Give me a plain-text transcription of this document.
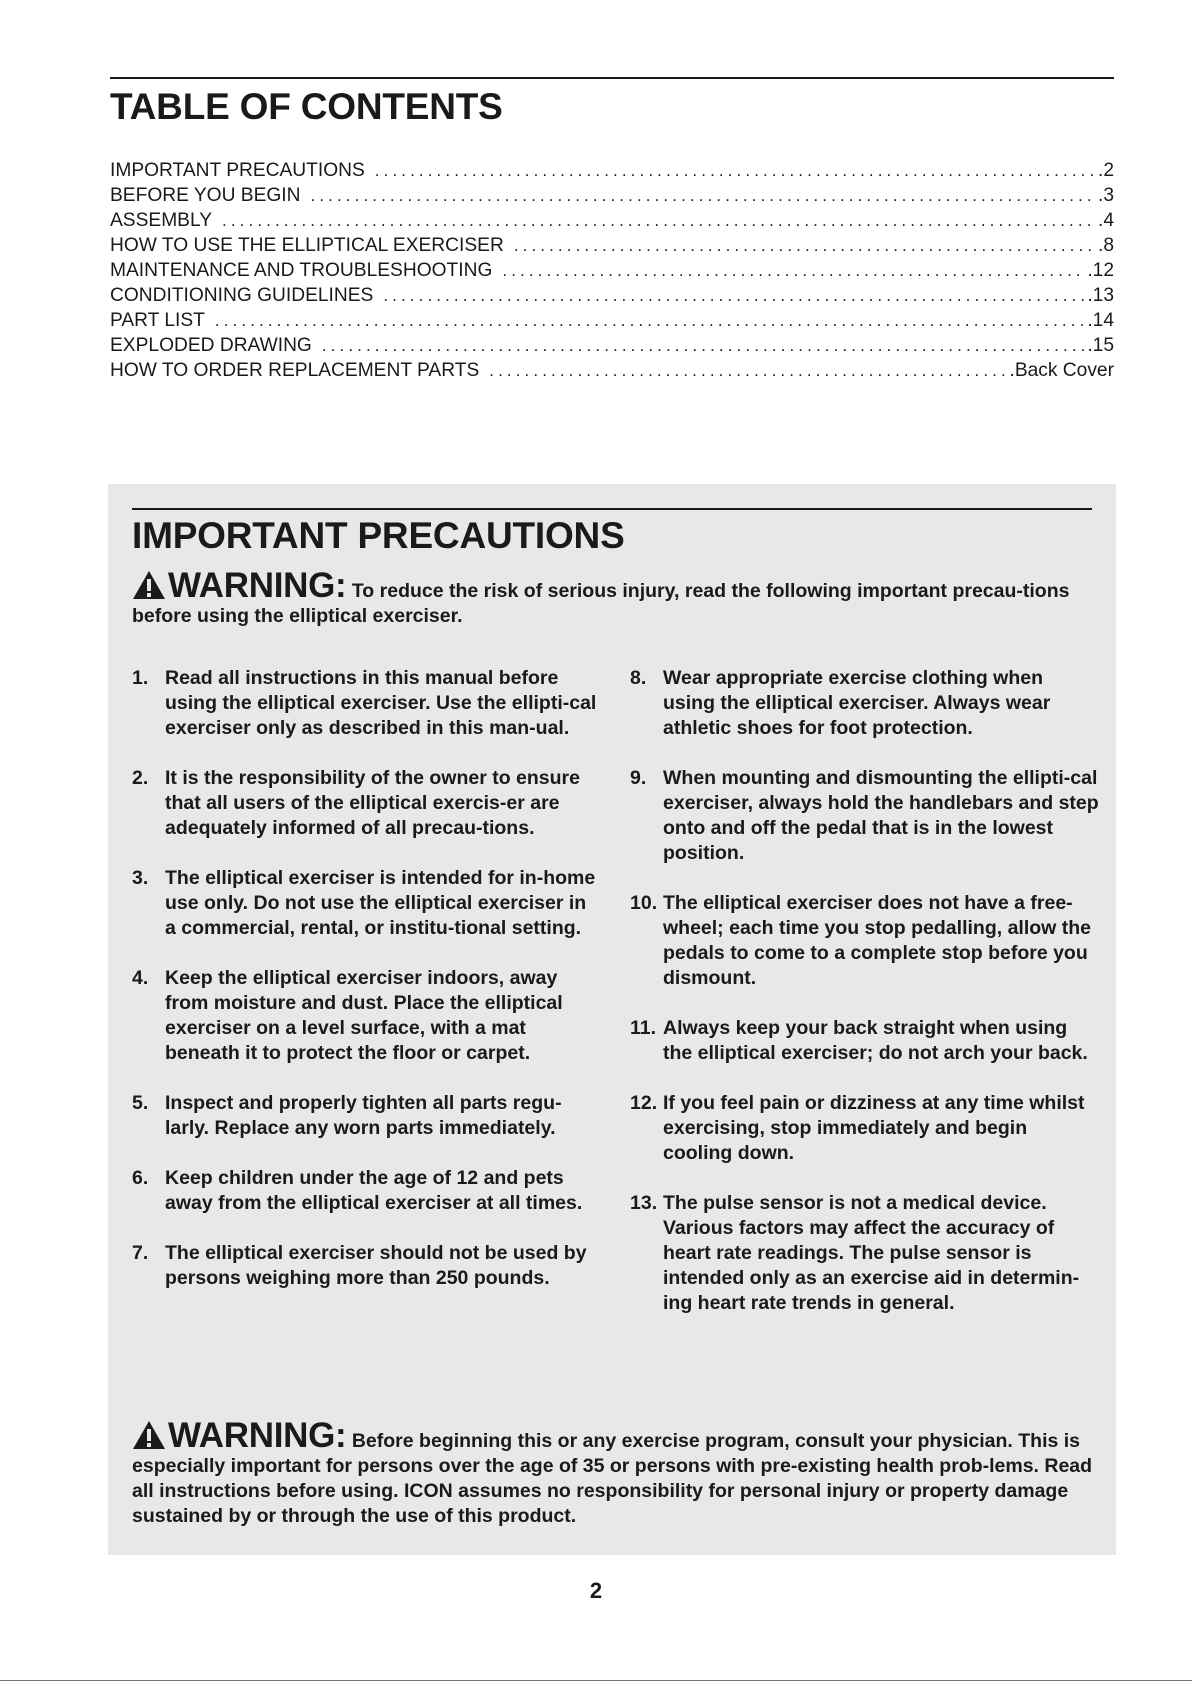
TABLE OF CONTENTS
IMPORTANT PRECAUTIONS .....	.2
BEFORE YOU BEGIN .....	.3
ASSEMBLY .....	.4
HOW TO USE THE ELLIPTICAL EXERCISER .....	.8
MAINTENANCE AND TROUBLESHOOTING .....	.12
CONDITIONING GUIDELINES .....	.13
PART LIST .....	.14
EXPLODED DRAWING .....	.15
HOW TO ORDER REPLACEMENT PARTS .....	.Back Cover
IMPORTANT PRECAUTIONS
WARNING: To reduce the risk of serious injury, read the following important precau-tions before using the elliptical exerciser.
1. Read all instructions in this manual before using the elliptical exerciser. Use the ellipti-cal exerciser only as described in this man-ual.
2. It is the responsibility of the owner to ensure that all users of the elliptical exercis-er are adequately informed of all precau-tions.
3. The elliptical exerciser is intended for in-home use only. Do not use the elliptical exerciser in a commercial, rental, or institu-tional setting.
4. Keep the elliptical exerciser indoors, away from moisture and dust. Place the elliptical exerciser on a level surface, with a mat beneath it to protect the floor or carpet.
5. Inspect and properly tighten all parts regu-larly. Replace any worn parts immediately.
6. Keep children under the age of 12 and pets away from the elliptical exerciser at all times.
7. The elliptical exerciser should not be used by persons weighing more than 250 pounds.
8. Wear appropriate exercise clothing when using the elliptical exerciser. Always wear athletic shoes for foot protection.
9. When mounting and dismounting the ellipti-cal exerciser, always hold the handlebars and step onto and off the pedal that is in the lowest position.
10. The elliptical exerciser does not have a free-wheel; each time you stop pedalling, allow the pedals to come to a complete stop before you dismount.
11. Always keep your back straight when using the elliptical exerciser; do not arch your back.
12. If you feel pain or dizziness at any time whilst exercising, stop immediately and begin cooling down.
13. The pulse sensor is not a medical device. Various factors may affect the accuracy of heart rate readings. The pulse sensor is intended only as an exercise aid in determin-ing heart rate trends in general.
WARNING: Before beginning this or any exercise program, consult your physician. This is especially important for persons over the age of 35 or persons with pre-existing health prob-lems. Read all instructions before using. ICON assumes no responsibility for personal injury or property damage sustained by or through the use of this product.
2
